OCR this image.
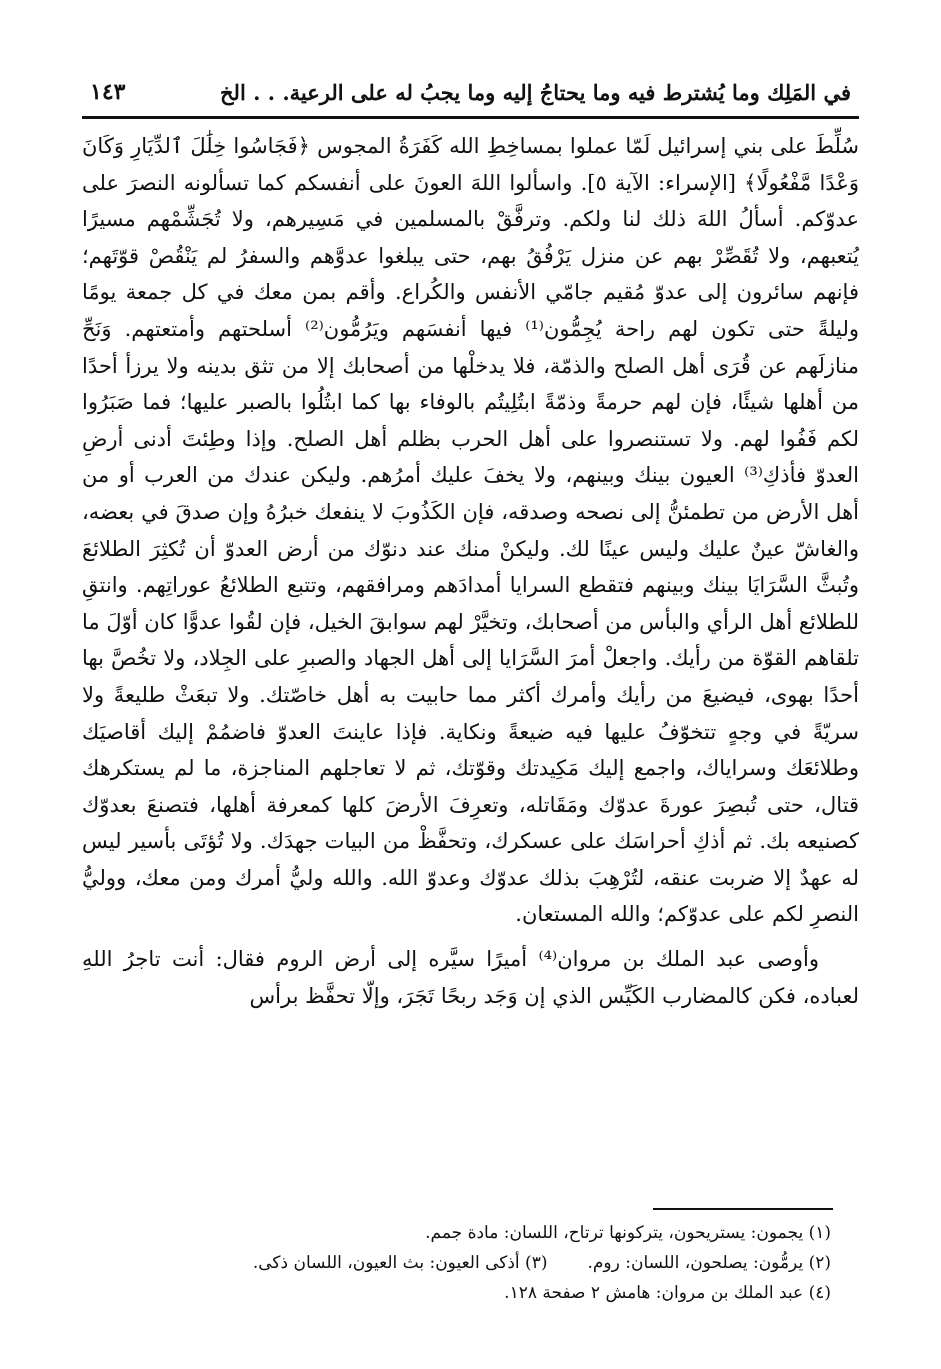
في المَلِك وما يُشترط فيه وما يحتاجُ إليه وما يجبُ له على الرعية. . . الخ
١٤٣

سُلِّطَ على بني إسرائيل لَمّا عملوا بمساخِطِ الله كَفَرَةُ المجوس ﴿فَجَاسُوا خِلَٰلَ ٱلدِّيَارِ وَكَانَ وَعْدًا مَّفْعُولًا﴾ [الإسراء: الآية ٥]. واسألوا اللهَ العونَ على أنفسكم كما تسألونه النصرَ على عدوّكم. أسألُ اللهَ ذلك لنا ولكم. وترفَّقْ بالمسلمين في مَسِيرهم، ولا تُجَشِّمْهم مسيرًا يُتعبهم، ولا تُقَصِّرْ بهم عن منزل يَرْفُقُ بهم، حتى يبلغوا عدوَّهم والسفرُ لم يَنْقُصْ قوّتَهم؛ فإنهم سائرون إلى عدوّ مُقيم جامّي الأنفس والكُراع. وأقم بمن معك في كل جمعة يومًا وليلةً حتى تكون لهم راحة يُجِمُّون⁽¹⁾ فيها أنفسَهم ويَرُمُّون⁽²⁾ أسلحتهم وأمتعتهم. وَنَحِّ منازلَهم عن قُرَى أهل الصلح والذمّة، فلا يدخلْها من أصحابك إلا من تثق بدينه ولا يرزأ أحدًا من أهلها شيئًا، فإن لهم حرمةً وذمّةً ابتُلِيتُم بالوفاء بها كما ابتُلُوا بالصبر عليها؛ فما صَبَرُوا لكم فَفُوا لهم. ولا تستنصروا على أهل الحرب بظلم أهل الصلح. وإذا وطِئتَ أدنى أرضِ العدوّ فأذكِ⁽³⁾ العيون بينك وبينهم، ولا يخفَ عليك أمرُهم. وليكن عندك من العرب أو من أهل الأرض من تطمئنُّ إلى نصحه وصدقه، فإن الكَذُوبَ لا ينفعك خبرُهُ وإن صدقَ في بعضه، والغاشّ عينٌ عليك وليس عينًا لك. وليكنْ منك عند دنوّك من أرض العدوّ أن تُكثِرَ الطلائعَ وتُبثَّ السَّرَايَا بينك وبينهم فتقطع السرايا أمدادَهم ومرافقهم، وتتبع الطلائعُ عوراتِهم. وانتقِ للطلائع أهل الرأي والبأس من أصحابك، وتخيَّرْ لهم سوابقَ الخيل، فإن لقُوا عدوًّا كان أوّلَ ما تلقاهم القوّة من رأيك. واجعلْ أمرَ السَّرَايا إلى أهل الجهاد والصبرِ على الجِلاد، ولا تخُصَّ بها أحدًا بهوى، فيضيعَ من رأيك وأمرك أكثر مما حابيت به أهل خاصّتك. ولا تبعَثْ طليعةً ولا سريّةً في وجهٍ تتخوّفُ عليها فيه ضيعةً ونكاية. فإذا عاينتَ العدوّ فاضمُمْ إليك أقاصيَك وطلائعَك وسراياك، واجمع إليك مَكِيدتك وقوّتك، ثم لا تعاجلهم المناجزة، ما لم يستكرهك قتال، حتى تُبصِرَ عورةَ عدوّك ومَقَاتله، وتعرِفَ الأرضَ كلها كمعرفة أهلها، فتصنعَ بعدوّك كصنيعه بك. ثم أذكِ أحراسَك على عسكرك، وتحفَّظْ من البيات جهدَك. ولا تُؤتَى بأسير ليس له عهدٌ إلا ضربت عنقه، لتُرْهِبَ بذلك عدوّك وعدوّ الله. والله وليُّ أمرك ومن معك، ووليُّ النصرِ لكم على عدوّكم؛ والله المستعان.

وأوصى عبد الملك بن مروان⁽⁴⁾ أميرًا سيَّره إلى أرض الروم فقال: أنت تاجرُ اللهِ لعباده، فكن كالمضارب الكَيِّس الذي إن وَجَد ربحًا تَجَرَ، وإلّا تحفَّظ برأس

(١) يجمون: يستريحون، يتركونها ترتاح، اللسان: مادة جمم.

(٢) يرمُّون: يصلحون، اللسان: روم.

(٣) أذكى العيون: بث العيون، اللسان ذكى.

(٤) عبد الملك بن مروان: هامش ٢ صفحة ١٢٨.
